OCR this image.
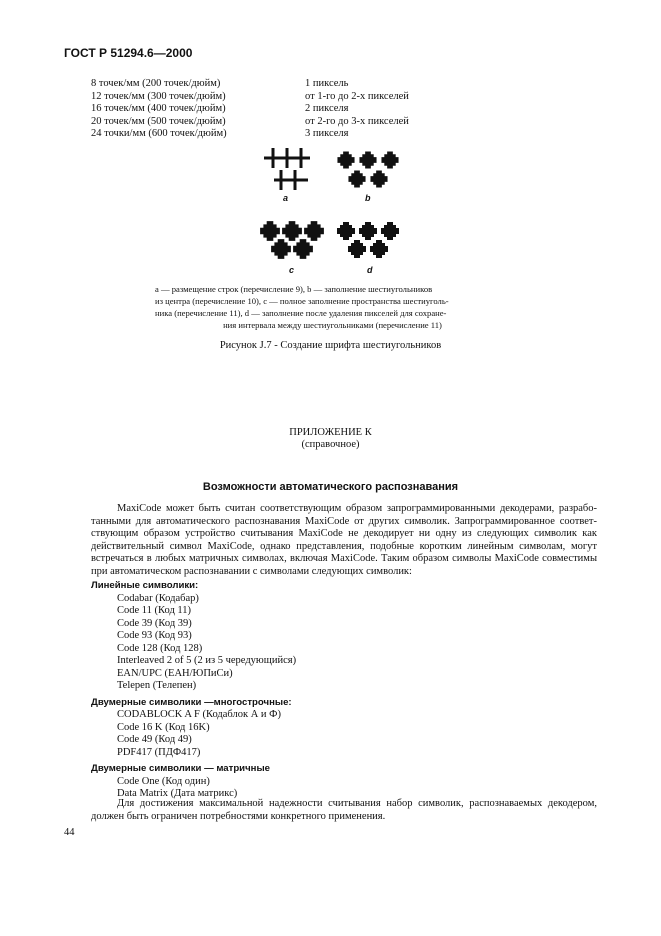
ГОСТ Р 51294.6—2000
8 точек/мм (200 точек/дюйм)	1 пиксель
12 точек/мм (300 точек/дюйм)	от 1-го до 2-х пикселей
16 точек/мм (400 точек/дюйм)	2 пикселя
20 точек/мм (500 точек/дюйм)	от 2-го до 3-х пикселей
24 точки/мм (600 точек/дюйм)	3 пикселя
a	b
c	d
a — размещение строк (перечисление 9), b — заполнение шестиугольников
из центра (перечисление 10), c — полное заполнение пространства шестиуголь-
ника (перечисление 11), d — заполнение после удаления пикселей для сохране-
ния интервала между шестиугольниками (перечисление 11)
Рисунок J.7 - Создание шрифта шестиугольников
ПРИЛОЖЕНИЕ К
(справочное)
Возможности автоматического распознавания
MaxiCode может быть считан соответствующим образом запрограммированными декодерами, разработанными для автоматического распознавания MaxiCode от других символик. Запрограммированное соответствующим образом устройство считывания MaxiCode не декодирует ни одну из следующих символик как действительный символ MaxiCode, однако представления, подобные коротким линейным символам, могут встречаться в любых матричных символах, включая MaxiCode. Таким образом символы MaxiCode совместимы при автоматическом распознавании с символами следующих символик:
Линейные символики:
Codabar (Кодабар)
Code 11 (Код 11)
Code 39 (Код 39)
Code 93 (Код 93)
Code 128 (Код 128)
Interleaved 2 of 5 (2 из 5 чередующийся)
EAN/UPC (ЕАН/ЮПиСи)
Telepen (Телепен)
Двумерные символики —многострочные:
CODABLOCK A F (Кодаблок А и Ф)
Code 16 K (Код 16K)
Code 49 (Код 49)
PDF417 (ПДФ417)
Двумерные символики — матричные
Code One (Код один)
Data Matrix (Дата матрикс)
Для достижения максимальной надежности считывания набор символик, распознаваемых декодером, должен быть ограничен потребностями конкретного применения.
44
